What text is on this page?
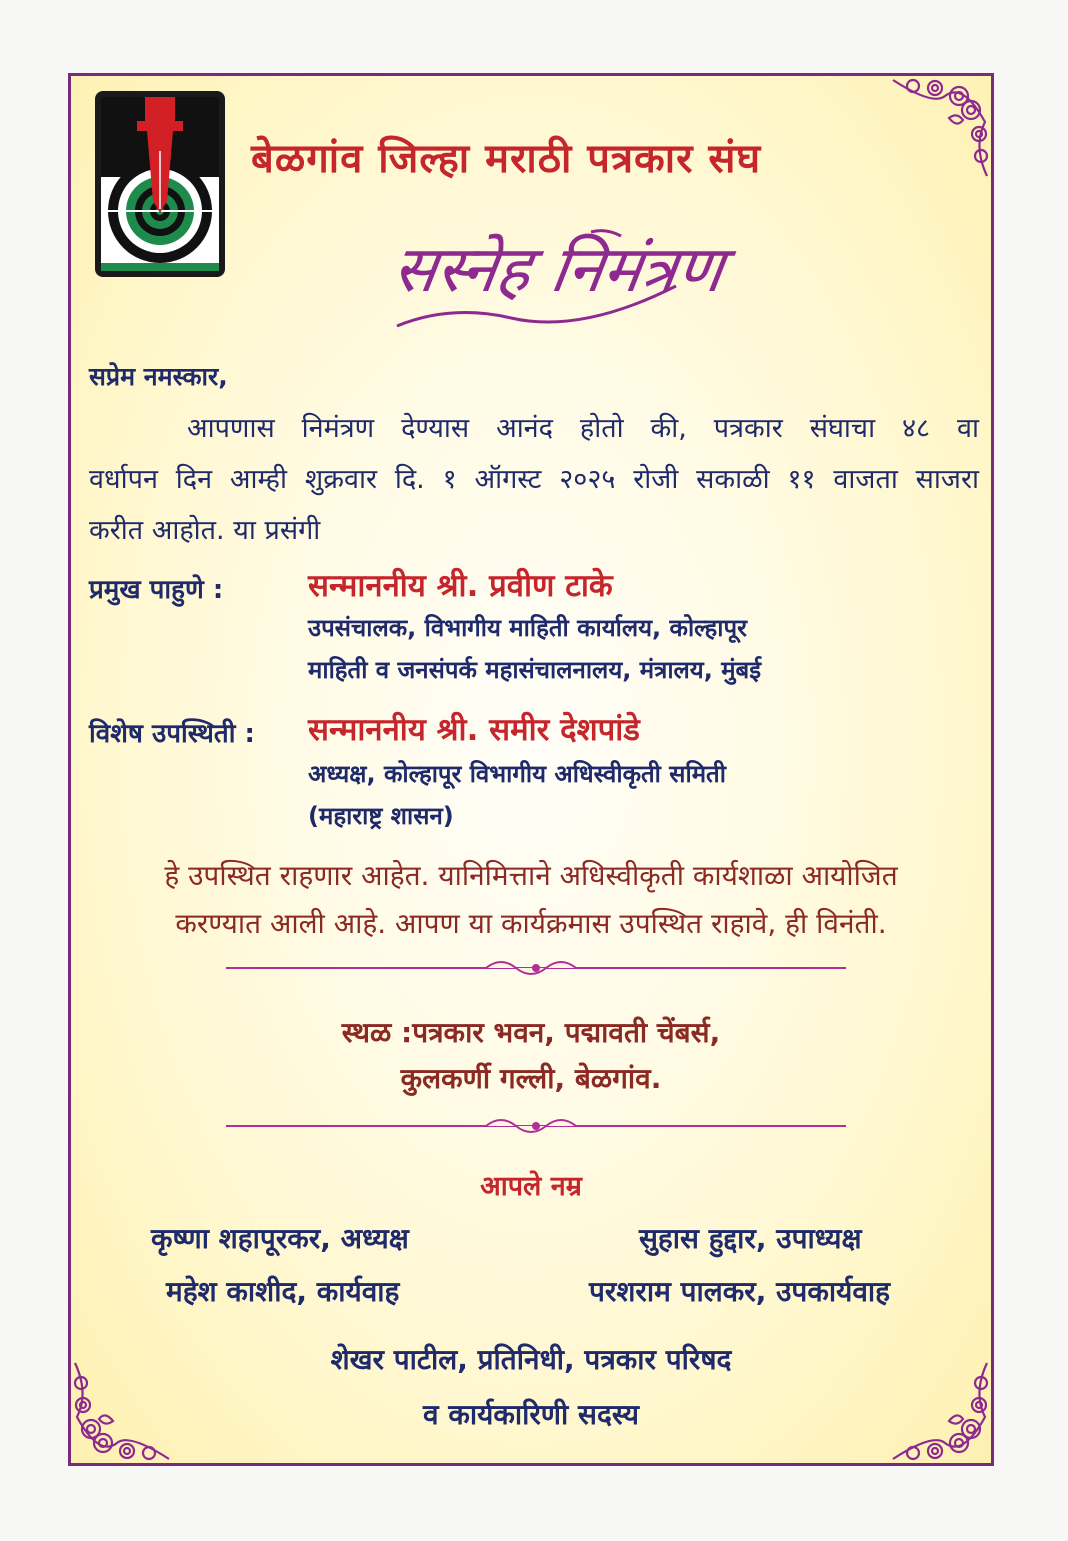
बेळगांव जिल्हा मराठी पत्रकार संघ
सस्नेह निमंत्रण
सप्रेम नमस्कार,
आपणास निमंत्रण देण्यास आनंद होतो की, पत्रकार संघाचा ४८ वा
वर्धापन दिन आम्ही शुक्रवार दि. १ ऑगस्ट २०२५ रोजी सकाळी ११ वाजता साजरा
करीत आहोत. या प्रसंगी
प्रमुख पाहुणे :	सन्माननीय श्री. प्रवीण टाके
उपसंचालक, विभागीय माहिती कार्यालय, कोल्हापूर
माहिती व जनसंपर्क महासंचालनालय, मंत्रालय, मुंबई
विशेष उपस्थिती : सन्माननीय श्री. समीर देशपांडे
अध्यक्ष, कोल्हापूर विभागीय अधिस्वीकृती समिती
(महाराष्ट्र शासन)
हे उपस्थित राहणार आहेत. यानिमित्ताने अधिस्वीकृती कार्यशाळा आयोजित
करण्यात आली आहे. आपण या कार्यक्रमास उपस्थित राहावे, ही विनंती.
स्थळ :पत्रकार भवन, पद्मावती चेंबर्स,
कुलकर्णी गल्ली, बेळगांव.
आपले नम्र
कृष्णा शहापूरकर, अध्यक्ष	सुहास हुद्दार, उपाध्यक्ष
महेश काशीद, कार्यवाह	परशराम पालकर, उपकार्यवाह
शेखर पाटील, प्रतिनिधी, पत्रकार परिषद
व कार्यकारिणी सदस्य
